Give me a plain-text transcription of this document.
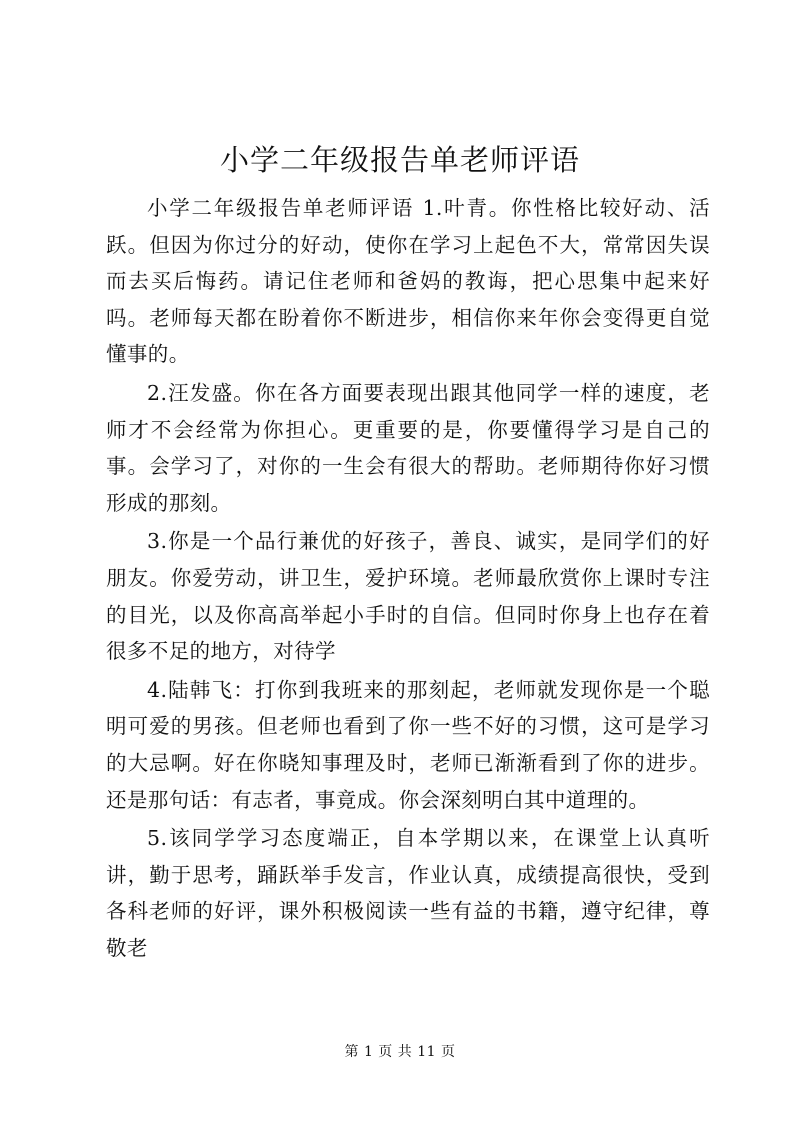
小学二年级报告单老师评语

小学二年级报告单老师评语 1.叶青。你性格比较好动、活跃。但因为你过分的好动，使你在学习上起色不大，常常因失误而去买后悔药。请记住老师和爸妈的教诲，把心思集中起来好吗。老师每天都在盼着你不断进步，相信你来年你会变得更自觉懂事的。

2.汪发盛。你在各方面要表现出跟其他同学一样的速度，老师才不会经常为你担心。更重要的是，你要懂得学习是自己的事。会学习了，对你的一生会有很大的帮助。老师期待你好习惯形成的那刻。

3.你是一个品行兼优的好孩子，善良、诚实，是同学们的好朋友。你爱劳动，讲卫生，爱护环境。老师最欣赏你上课时专注的目光，以及你高高举起小手时的自信。但同时你身上也存在着很多不足的地方，对待学

4.陆韩飞：打你到我班来的那刻起，老师就发现你是一个聪明可爱的男孩。但老师也看到了你一些不好的习惯，这可是学习的大忌啊。好在你晓知事理及时，老师已渐渐看到了你的进步。还是那句话：有志者，事竟成。你会深刻明白其中道理的。

5.该同学学习态度端正，自本学期以来，在课堂上认真听讲，勤于思考，踊跃举手发言，作业认真，成绩提高很快，受到各科老师的好评，课外积极阅读一些有益的书籍，遵守纪律，尊敬老

第 1 页 共 11 页
